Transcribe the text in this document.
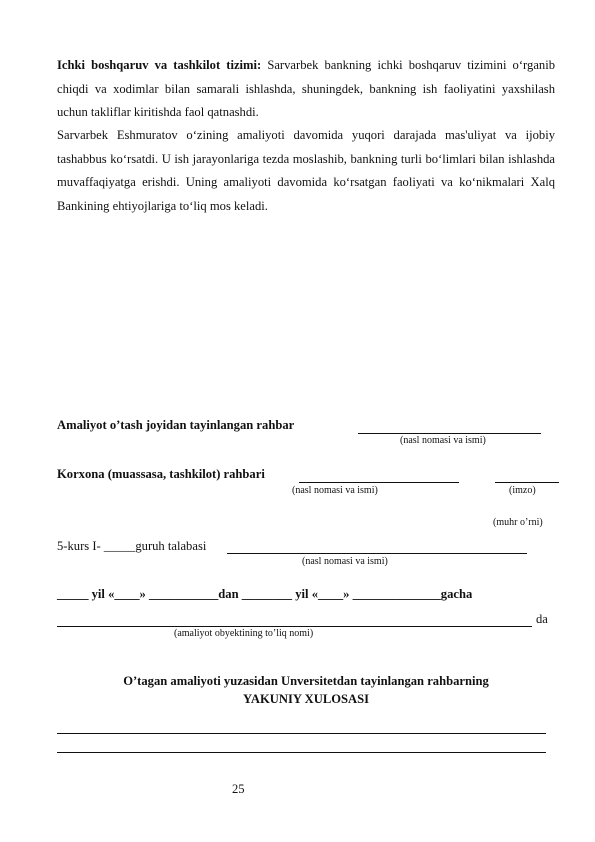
Ichki boshqaruv va tashkilot tizimi: Sarvarbek bankning ichki boshqaruv tizimini o‘rganib chiqdi va xodimlar bilan samarali ishlashda, shuningdek, bankning ish faoliyatini yaxshilash uchun takliflar kiritishda faol qatnashdi.

Sarvarbek Eshmuratov o‘zining amaliyoti davomida yuqori darajada mas'uliyat va ijobiy tashabbus ko‘rsatdi. U ish jarayonlariga tezda moslashib, bankning turli bo‘limlari bilan ishlashda muvaffaqiyatga erishdi. Uning amaliyoti davomida ko‘rsatgan faoliyati va ko‘nikmalari Xalq Bankining ehtiyojlariga to‘liq mos keladi.

Amaliyot o’tash joyidan tayinlangan rahbar
(nasl nomasi va ismi)
Korxona (muassasa, tashkilot) rahbari
(nasl nomasi va ismi)	(imzo)
(muhr o’rni)
5-kurs I- _____guruh talabasi
(nasl nomasi va ismi)
_____ yil «____» ___________dan ________ yil «____» ______________gacha
da
(amaliyot obyektining to’liq nomi)
O’tagan amaliyoti yuzasidan Unversitetdan tayinlangan rahbarning
YAKUNIY XULOSASI
25
